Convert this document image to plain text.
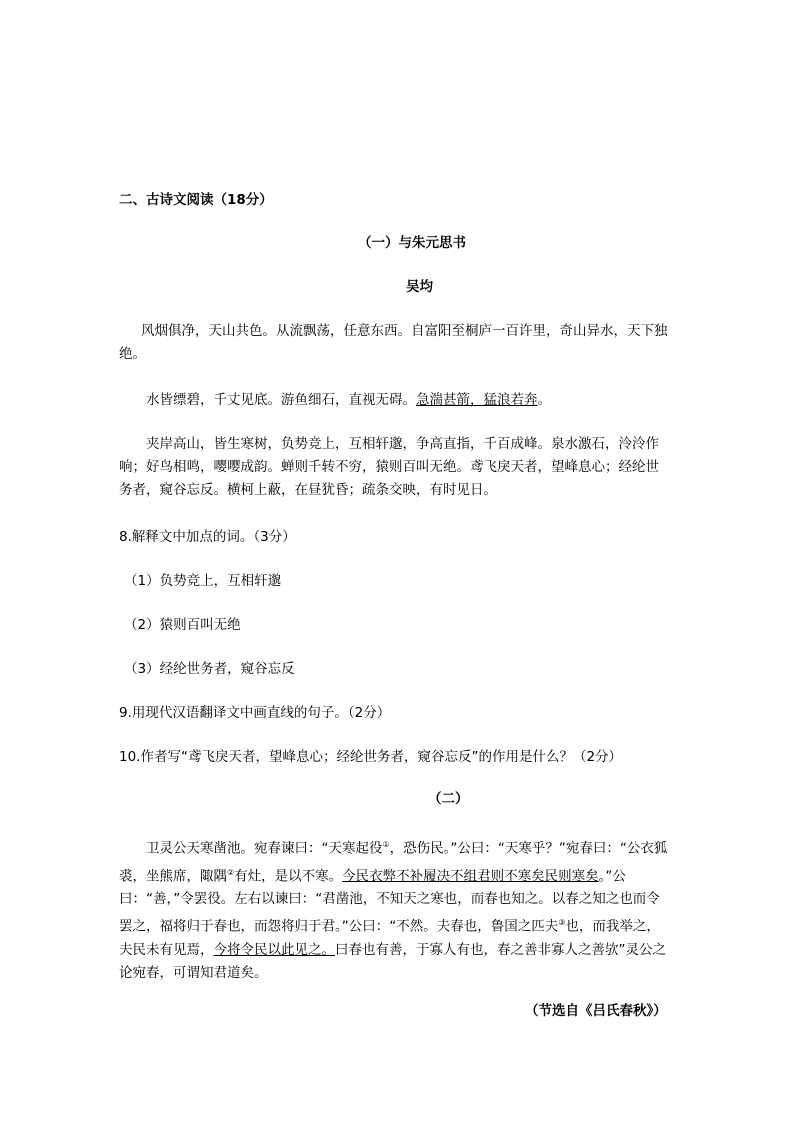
二、古诗文阅读（18分）
（一）与朱元思书
吴均
风烟俱净，天山共色。从流飘荡，任意东西。自富阳至桐庐一百许里，奇山异水，天下独绝。
水皆缥碧，千丈见底。游鱼细石，直视无碍。急湍甚箭，猛浪若奔。
夹岸高山，皆生寒树，负势竞上，互相轩邈，争高直指，千百成峰。泉水激石，泠泠作响；好鸟相鸣，嘤嘤成韵。蝉则千转不穷，猿则百叫无绝。鸢飞戾天者，望峰息心；经纶世务者，窥谷忘反。横柯上蔽，在昼犹昏；疏条交映，有时见日。
8.解释文中加点的词。（3分）
（1）负势竞上，互相轩邈
（2）猿则百叫无绝
（3）经纶世务者，窥谷忘反
9.用现代汉语翻译文中画直线的句子。（2分）
10.作者写“鸢飞戾天者，望峰息心；经纶世务者，窥谷忘反”的作用是什么？（2分）
（二）
卫灵公天寒凿池。宛春谏曰：“天寒起役①，恐伤民。”公曰：“天寒乎？”宛春曰：“公衣狐裘，坐熊席，陬隅②有灶，是以不寒。今民衣弊不补履决不组君则不寒矣民则寒矣。”公曰：“善，”令罢役。左右以谏曰：“君凿池，不知天之寒也，而春也知之。以春之知之也而令罢之，福将归于春也，而怨将归于君。”公曰：“不然。夫春也，鲁国之匹夫③也，而我举之，夫民未有见焉，今将令民以此见之。曰春也有善，于寡人有也，春之善非寡人之善欤”灵公之论宛春，可谓知君道矣。
（节选自《吕氏春秋》）
